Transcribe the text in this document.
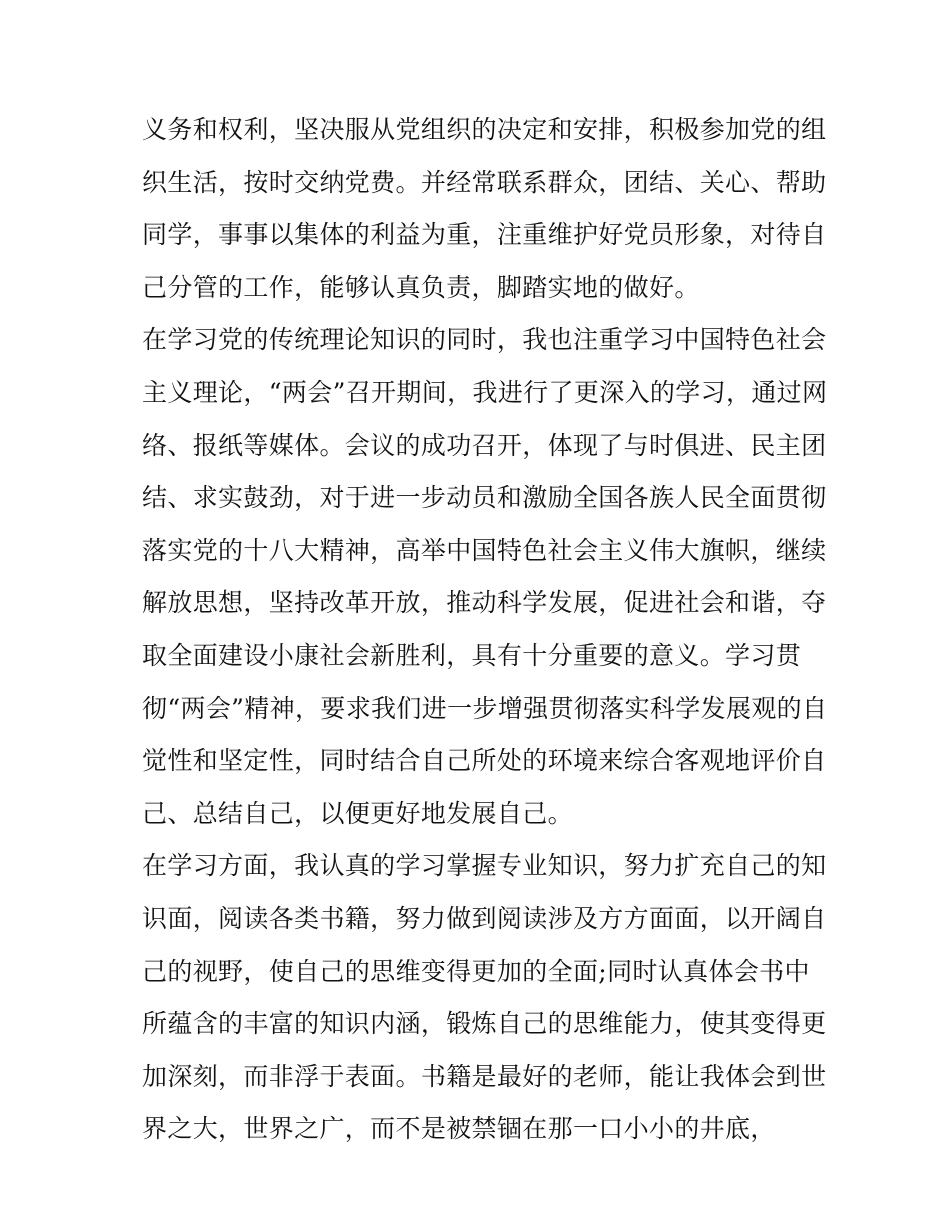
义务和权利，坚决服从党组织的决定和安排，积极参加党的组
织生活，按时交纳党费。并经常联系群众，团结、关心、帮助
同学，事事以集体的利益为重，注重维护好党员形象，对待自
己分管的工作，能够认真负责，脚踏实地的做好。
在学习党的传统理论知识的同时，我也注重学习中国特色社会
主义理论，“两会”召开期间，我进行了更深入的学习，通过网
络、报纸等媒体。会议的成功召开，体现了与时俱进、民主团
结、求实鼓劲，对于进一步动员和激励全国各族人民全面贯彻
落实党的十八大精神，高举中国特色社会主义伟大旗帜，继续
解放思想，坚持改革开放，推动科学发展，促进社会和谐，夺
取全面建设小康社会新胜利，具有十分重要的意义。学习贯
彻“两会”精神，要求我们进一步增强贯彻落实科学发展观的自
觉性和坚定性，同时结合自己所处的环境来综合客观地评价自
己、总结自己，以便更好地发展自己。
在学习方面，我认真的学习掌握专业知识，努力扩充自己的知
识面，阅读各类书籍，努力做到阅读涉及方方面面，以开阔自
己的视野，使自己的思维变得更加的全面;同时认真体会书中
所蕴含的丰富的知识内涵，锻炼自己的思维能力，使其变得更
加深刻，而非浮于表面。书籍是最好的老师，能让我体会到世
界之大，世界之广，而不是被禁锢在那一口小小的井底，
